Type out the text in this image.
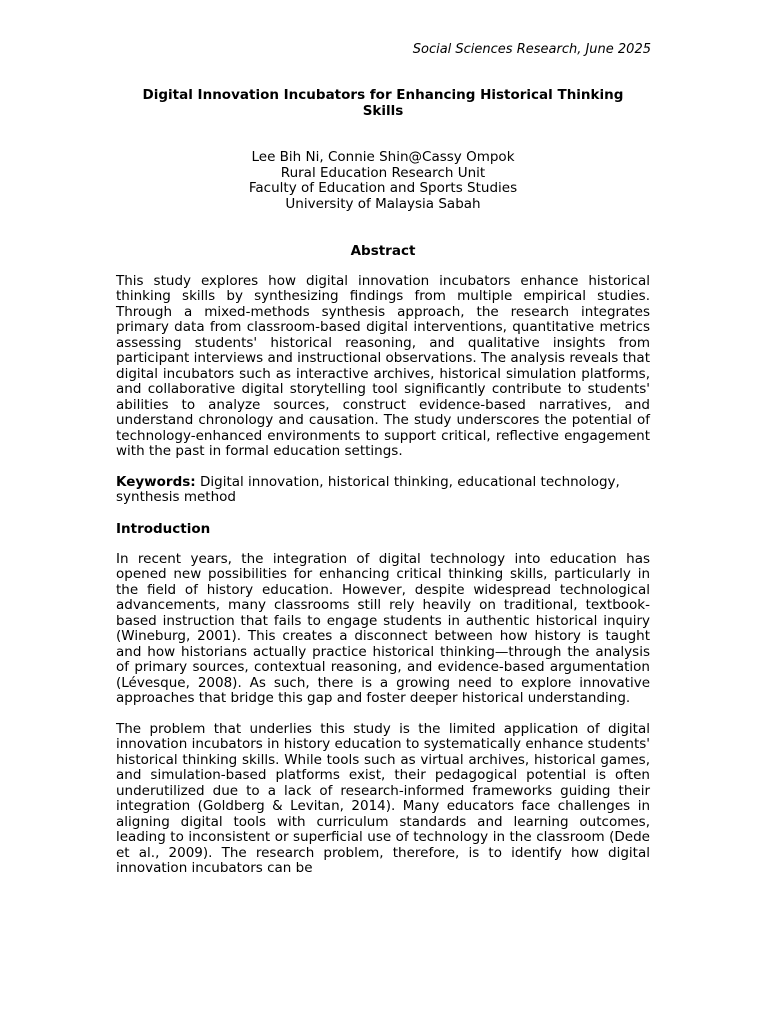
Social Sciences Research, June 2025
Digital Innovation Incubators for Enhancing Historical Thinking Skills
Lee Bih Ni, Connie Shin@Cassy Ompok
Rural Education Research Unit
Faculty of Education and Sports Studies
University of Malaysia Sabah
Abstract

This study explores how digital innovation incubators enhance historical thinking skills by synthesizing findings from multiple empirical studies. Through a mixed-methods synthesis approach, the research integrates primary data from classroom-based digital interventions, quantitative metrics assessing students' historical reasoning, and qualitative insights from participant interviews and instructional observations. The analysis reveals that digital incubators such as interactive archives, historical simulation platforms, and collaborative digital storytelling tool significantly contribute to students' abilities to analyze sources, construct evidence-based narratives, and understand chronology and causation. The study underscores the potential of technology-enhanced environments to support critical, reflective engagement with the past in formal education settings.

Keywords: Digital innovation, historical thinking, educational technology, synthesis method

Introduction

In recent years, the integration of digital technology into education has opened new possibilities for enhancing critical thinking skills, particularly in the field of history education. However, despite widespread technological advancements, many classrooms still rely heavily on traditional, textbook-based instruction that fails to engage students in authentic historical inquiry (Wineburg, 2001). This creates a disconnect between how history is taught and how historians actually practice historical thinking—through the analysis of primary sources, contextual reasoning, and evidence-based argumentation (Lévesque, 2008). As such, there is a growing need to explore innovative approaches that bridge this gap and foster deeper historical understanding.

The problem that underlies this study is the limited application of digital innovation incubators in history education to systematically enhance students' historical thinking skills. While tools such as virtual archives, historical games, and simulation-based platforms exist, their pedagogical potential is often underutilized due to a lack of research-informed frameworks guiding their integration (Goldberg & Levitan, 2014). Many educators face challenges in aligning digital tools with curriculum standards and learning outcomes, leading to inconsistent or superficial use of technology in the classroom (Dede et al., 2009). The research problem, therefore, is to identify how digital innovation incubators can be
